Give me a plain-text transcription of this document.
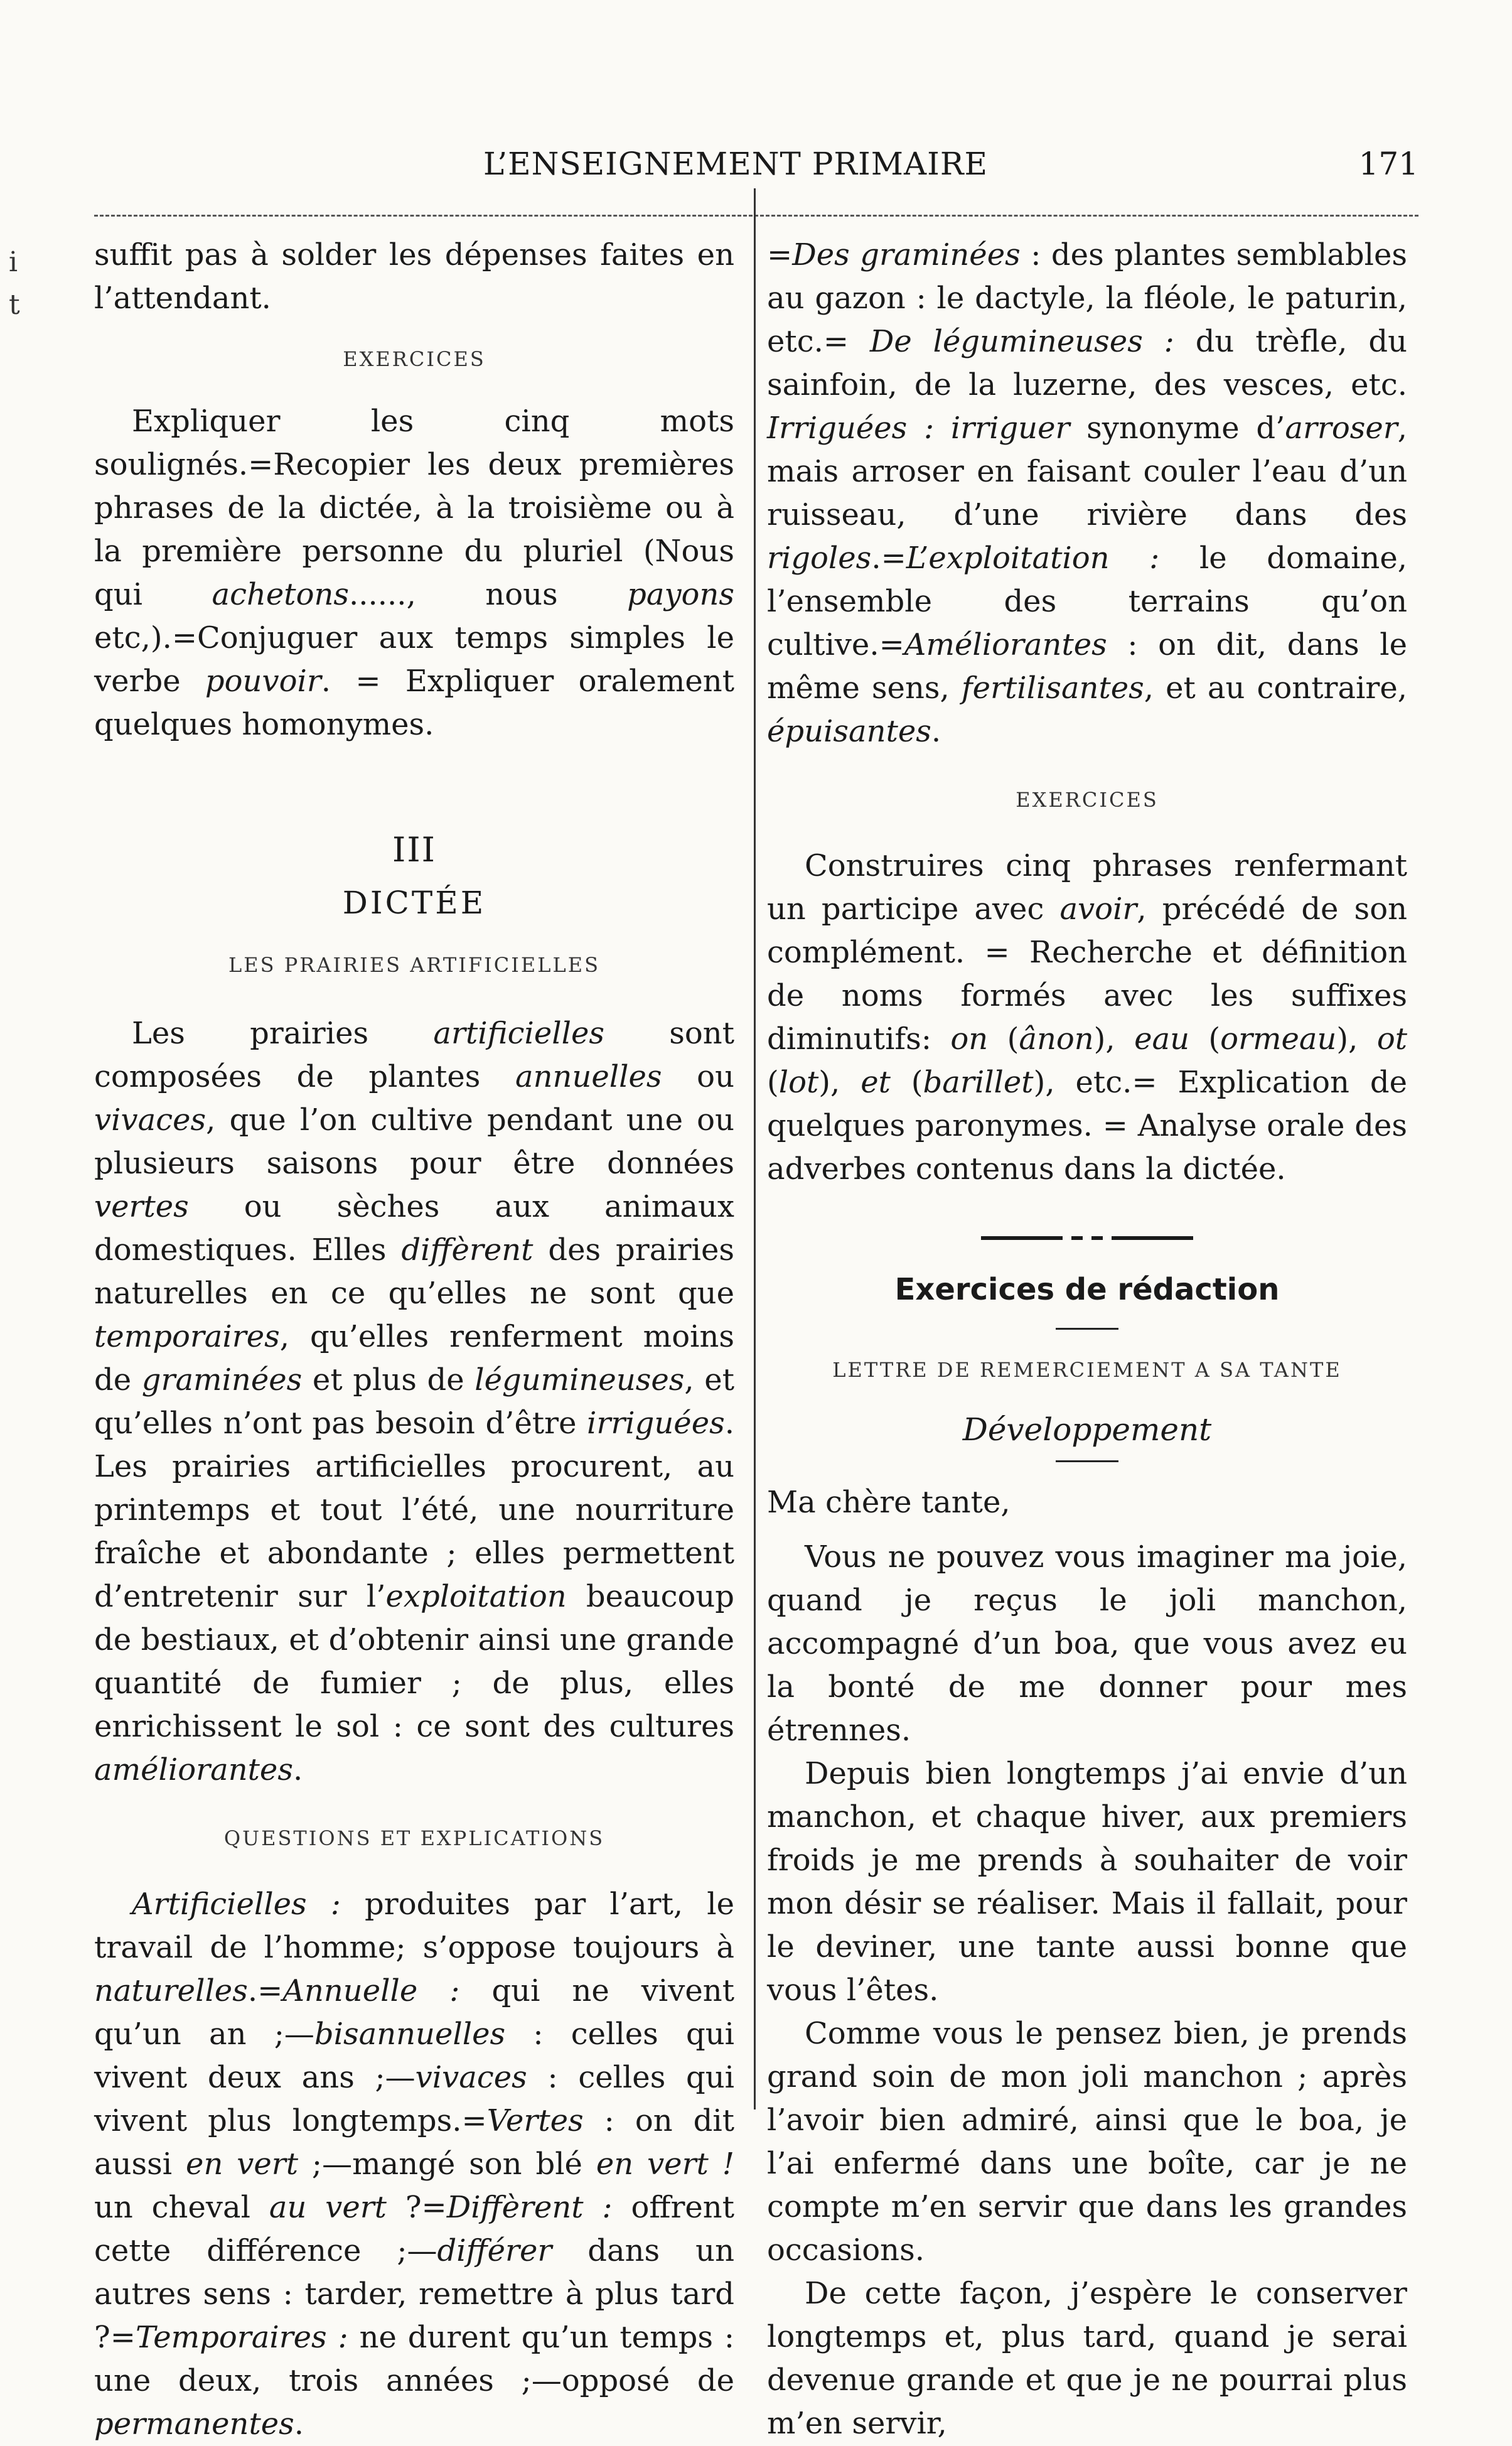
L’ENSEIGNEMENT PRIMAIRE	171
i
t

suffit pas à solder les dépenses faites en l’attendant.

EXERCICES

Expliquer les cinq mots soulignés.=Recopier les deux premières phrases de la dictée, à la troisième ou à la première personne du pluriel (Nous qui achetons......, nous payons etc,).=Conjuguer aux temps simples le verbe pouvoir. = Expliquer oralement quelques homonymes.

III
DICTÉE
LES PRAIRIES ARTIFICIELLES

Les prairies artificielles sont composées de plantes annuelles ou vivaces, que l’on cultive pendant une ou plusieurs saisons pour être données vertes ou sèches aux animaux domestiques. Elles diffèrent des prairies naturelles en ce qu’elles ne sont que temporaires, qu’elles renferment moins de graminées et plus de légumineuses, et qu’elles n’ont pas besoin d’être irriguées. Les prairies artificielles procurent, au printemps et tout l’été, une nourriture fraîche et abondante ; elles permettent d’entretenir sur l’exploitation beaucoup de bestiaux, et d’obtenir ainsi une grande quantité de fumier ; de plus, elles enrichissent le sol : ce sont des cultures améliorantes.

QUESTIONS ET EXPLICATIONS

Artificielles : produites par l’art, le travail de l’homme; s’oppose toujours à naturelles.=Annuelle : qui ne vivent qu’un an ;—bisannuelles : celles qui vivent deux ans ;—vivaces : celles qui vivent plus longtemps.=Vertes : on dit aussi en vert ;—mangé son blé en vert ! un cheval au vert ?=Diffèrent : offrent cette différence ;—différer dans un autres sens : tarder, remettre à plus tard ?=Temporaires : ne durent qu’un temps : une deux, trois années ;—opposé de permanentes.

=Des graminées : des plantes semblables au gazon : le dactyle, la fléole, le paturin, etc.= De légumineuses : du trèfle, du sainfoin, de la luzerne, des vesces, etc. Irriguées : irriguer synonyme d’arroser, mais arroser en faisant couler l’eau d’un ruisseau, d’une rivière dans des rigoles.=L’exploitation : le domaine, l’ensemble des terrains qu’on cultive.=Améliorantes : on dit, dans le même sens, fertilisantes, et au contraire, épuisantes.

EXERCICES

Construires cinq phrases renfermant un participe avec avoir, précédé de son complément. = Recherche et définition de noms formés avec les suffixes diminutifs: on (ânon), eau (ormeau), ot (lot), et (barillet), etc.= Explication de quelques paronymes. = Analyse orale des adverbes contenus dans la dictée.

Exercices de rédaction
LETTRE DE REMERCIEMENT A SA TANTE
Développement

Ma chère tante,

Vous ne pouvez vous imaginer ma joie, quand je reçus le joli manchon, accompagné d’un boa, que vous avez eu la bonté de me donner pour mes étrennes.

Depuis bien longtemps j’ai envie d’un manchon, et chaque hiver, aux premiers froids je me prends à souhaiter de voir mon désir se réaliser. Mais il fallait, pour le deviner, une tante aussi bonne que vous l’êtes.

Comme vous le pensez bien, je prends grand soin de mon joli manchon ; après l’avoir bien admiré, ainsi que le boa, je l’ai enfermé dans une boîte, car je ne compte m’en servir que dans les grandes occasions.

De cette façon, j’espère le conserver longtemps et, plus tard, quand je serai devenue grande et que je ne pourrai plus m’en servir,
